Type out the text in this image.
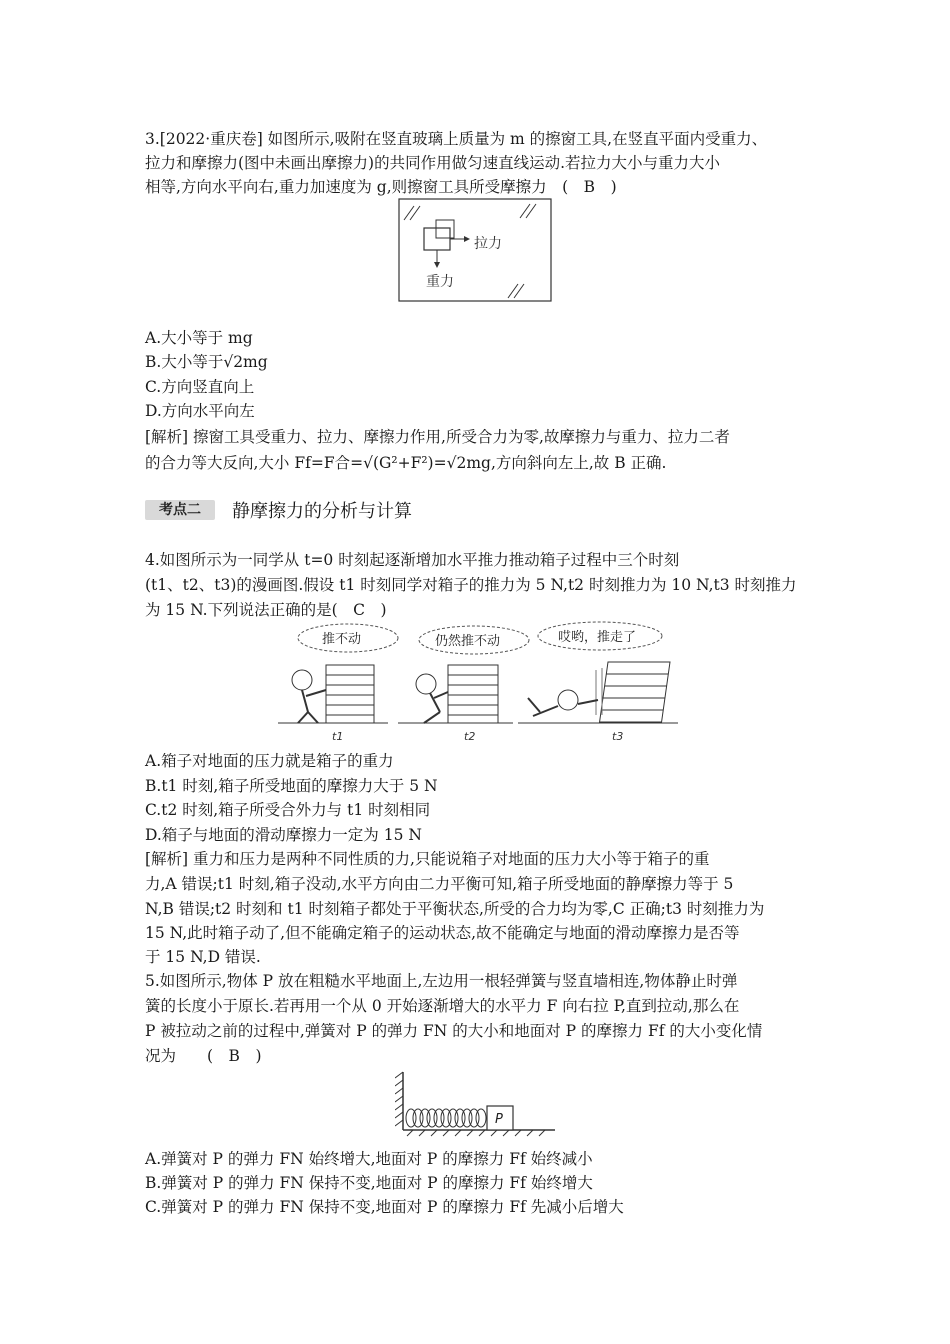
3.[2022·重庆卷] 如图所示,吸附在竖直玻璃上质量为 m 的擦窗工具,在竖直平面内受重力、
拉力和摩擦力(图中未画出摩擦力)的共同作用做匀速直线运动.若拉力大小与重力大小
相等,方向水平向右,重力加速度为 g,则擦窗工具所受摩擦力　(　B　)
拉力
重力
A.大小等于 mg
B.大小等于√2mg
C.方向竖直向上
D.方向水平向左
[解析] 擦窗工具受重力、拉力、摩擦力作用,所受合力为零,故摩擦力与重力、拉力二者
的合力等大反向,大小 Ff=F合=√(G²+F²)=√2mg,方向斜向左上,故 B 正确.
考点二	静摩擦力的分析与计算
4.如图所示为一同学从 t=0 时刻起逐渐增加水平推力推动箱子过程中三个时刻
(t1、t2、t3)的漫画图.假设 t1 时刻同学对箱子的推力为 5 N,t2 时刻推力为 10 N,t3 时刻推力
为 15 N.下列说法正确的是(　C　)
推不动
t1
仍然推不动
t2
哎哟，推走了
t3
A.箱子对地面的压力就是箱子的重力
B.t1 时刻,箱子所受地面的摩擦力大于 5 N
C.t2 时刻,箱子所受合外力与 t1 时刻相同
D.箱子与地面的滑动摩擦力一定为 15 N
[解析] 重力和压力是两种不同性质的力,只能说箱子对地面的压力大小等于箱子的重
力,A 错误;t1 时刻,箱子没动,水平方向由二力平衡可知,箱子所受地面的静摩擦力等于 5
N,B 错误;t2 时刻和 t1 时刻箱子都处于平衡状态,所受的合力均为零,C 正确;t3 时刻推力为
15 N,此时箱子动了,但不能确定箱子的运动状态,故不能确定与地面的滑动摩擦力是否等
于 15 N,D 错误.
5.如图所示,物体 P 放在粗糙水平地面上,左边用一根轻弹簧与竖直墙相连,物体静止时弹
簧的长度小于原长.若再用一个从 0 开始逐渐增大的水平力 F 向右拉 P,直到拉动,那么在
P 被拉动之前的过程中,弹簧对 P 的弹力 FN 的大小和地面对 P 的摩擦力 Ff 的大小变化情
况为　　(　B　)
P
A.弹簧对 P 的弹力 FN 始终增大,地面对 P 的摩擦力 Ff 始终减小
B.弹簧对 P 的弹力 FN 保持不变,地面对 P 的摩擦力 Ff 始终增大
C.弹簧对 P 的弹力 FN 保持不变,地面对 P 的摩擦力 Ff 先减小后增大
